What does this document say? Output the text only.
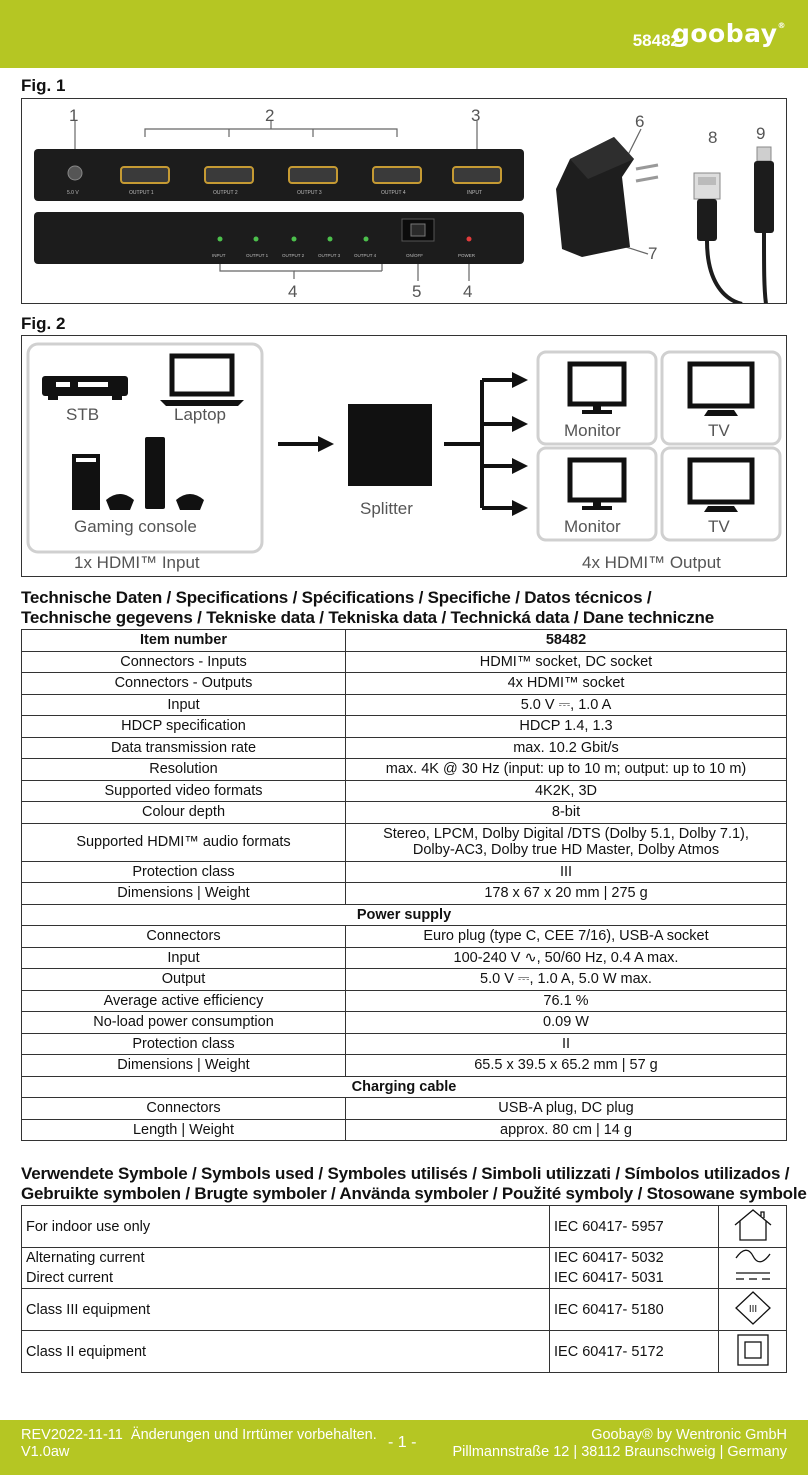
58482
goobay®
Fig. 1
1	2	3
4	5 4
6
7
8 9
5.0 V	OUTPUT 1	OUTPUT 2	OUTPUT 3	OUTPUT 4	INPUT
INPUT	OUTPUT 1	OUTPUT 2	OUTPUT 3	OUTPUT 4	ON/OFF	POWER
Fig. 2
STB	Laptop
Gaming console
1x HDMI™ Input
Splitter
Monitor	TV
Monitor	TV
4x HDMI™ Output
Technische Daten / Specifications / Spécifications / Specifiche / Datos técnicos /
Technische gegevens / Tekniske data / Tekniska data / Technická data / Dane techniczne
Item number	58482
Connectors - Inputs	HDMI™ socket, DC socket
Connectors - Outputs	4x HDMI™ socket
Input	5.0 V ⎓, 1.0 A
HDCP specification	HDCP 1.4, 1.3
Data transmission rate	max. 10.2 Gbit/s
Resolution	max. 4K @ 30 Hz (input: up to 10 m; output: up to 10 m)
Supported video formats	4K2K, 3D
Colour depth	8-bit
Supported HDMI™ audio formats	Stereo, LPCM, Dolby Digital /DTS (Dolby 5.1, Dolby 7.1),
Dolby-AC3, Dolby true HD Master, Dolby Atmos

Protection class	III
Dimensions | Weight	178 x 67 x 20 mm | 275 g
Power supply	
Connectors	Euro plug (type C, CEE 7/16), USB-A socket
Input	100-240 V ∿, 50/60 Hz, 0.4 A max.
Output	5.0 V ⎓, 1.0 A, 5.0 W max.
Average active efficiency	76.1 %
No-load power consumption	0.09 W
Protection class	II
Dimensions | Weight	65.5 x 39.5 x 65.2 mm | 57 g
Charging cable	
Connectors	USB-A plug, DC plug
Length | Weight	approx. 80 cm | 14 g
Verwendete Symbole / Symbols used / Symboles utilisés / Simboli utilizzati / Símbolos utilizados /
Gebruikte symbolen / Brugte symboler / Använda symboler / Použité symboly / Stosowane symbole
For indoor use only	IEC 60417- 5957	
Alternating current	IEC 60417- 5032	
Direct current	IEC 60417- 5031	
Class III equipment	IEC 60417- 5180	III

Class II equipment	IEC 60417- 5172	
REV2022-11-11 Änderungen und Irrtümer vorbehalten.
V1.0aw
- 1 -	Goobay® by Wentronic GmbH
Pillmannstraße 12 | 38112 Braunschweig | Germany
